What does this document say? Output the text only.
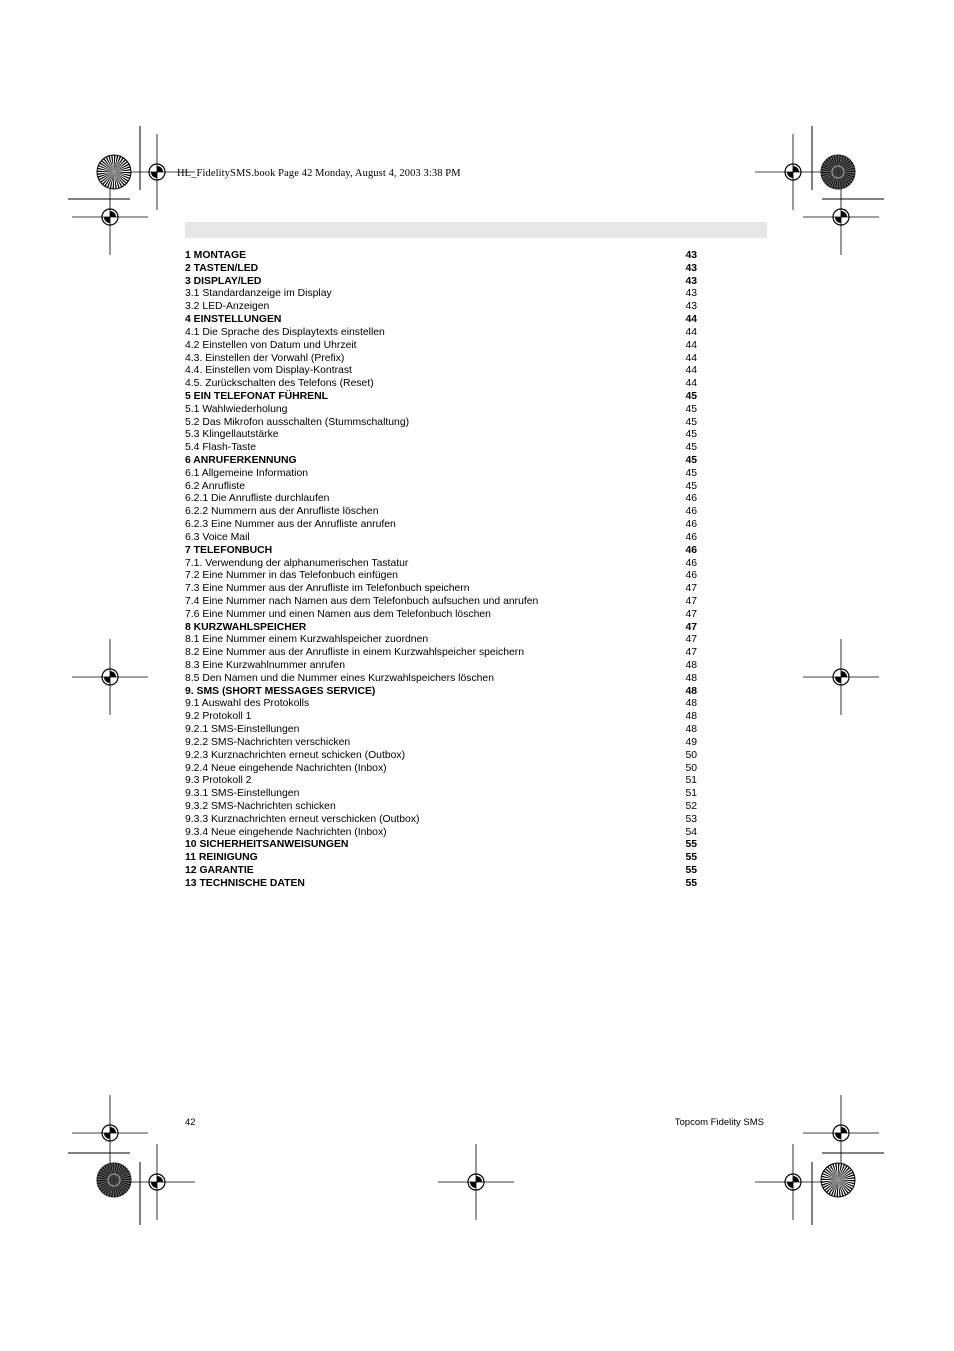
HL_FidelitySMS.book Page 42 Monday, August 4, 2003 3:38 PM
1 MONTAGE	43
2 TASTEN/LED	43
3 DISPLAY/LED	43
3.1 Standardanzeige im Display	43
3.2 LED-Anzeigen	43
4 EINSTELLUNGEN	44
4.1 Die Sprache des Displaytexts einstellen	44
4.2 Einstellen von Datum und Uhrzeit	44
4.3. Einstellen der Vorwahl (Prefix)	44
4.4. Einstellen vom Display-Kontrast	44
4.5. Zurückschalten des Telefons (Reset)	44
5 EIN TELEFONAT FÜHRENL	45
5.1 Wahlwiederholung	45
5.2 Das Mikrofon ausschalten (Stummschaltung)	45
5.3 Klingellautstärke	45
5.4 Flash-Taste	45
6 ANRUFERKENNUNG	45
6.1 Allgemeine Information	45
6.2 Anrufliste	45
6.2.1 Die Anrufliste durchlaufen	46
6.2.2 Nummern aus der Anrufliste löschen	46
6.2.3 Eine Nummer aus der Anrufliste anrufen	46
6.3 Voice Mail	46
7 TELEFONBUCH	46
7.1. Verwendung der alphanumerischen Tastatur	46
7.2 Eine Nummer in das Telefonbuch einfügen	46
7.3 Eine Nummer aus der Anrufliste im Telefonbuch speichern	47
7.4 Eine Nummer nach Namen aus dem Telefonbuch aufsuchen und anrufen	47
7.6 Eine Nummer und einen Namen aus dem Telefonbuch löschen	47
8 KURZWAHLSPEICHER	47
8.1 Eine Nummer einem Kurzwahlspeicher zuordnen	47
8.2 Eine Nummer aus der Anrufliste in einem Kurzwahlspeicher speichern	47
8.3 Eine Kurzwahlnummer anrufen	48
8.5 Den Namen und die Nummer eines Kurzwahlspeichers löschen	48
9. SMS (SHORT MESSAGES SERVICE)	48
9.1 Auswahl des Protokolls	48
9.2 Protokoll 1	48
9.2.1 SMS-Einstellungen	48
9.2.2 SMS-Nachrichten verschicken	49
9.2.3 Kurznachrichten erneut schicken (Outbox)	50
9.2.4 Neue eingehende Nachrichten (Inbox)	50
9.3 Protokoll 2	51
9.3.1 SMS-Einstellungen	51
9.3.2 SMS-Nachrichten schicken	52
9.3.3 Kurznachrichten erneut verschicken (Outbox)	53
9.3.4 Neue eingehende Nachrichten (Inbox)	54
10 SICHERHEITSANWEISUNGEN	55
11 REINIGUNG	55
12 GARANTIE	55
13 TECHNISCHE DATEN	55
42	Topcom Fidelity SMS
